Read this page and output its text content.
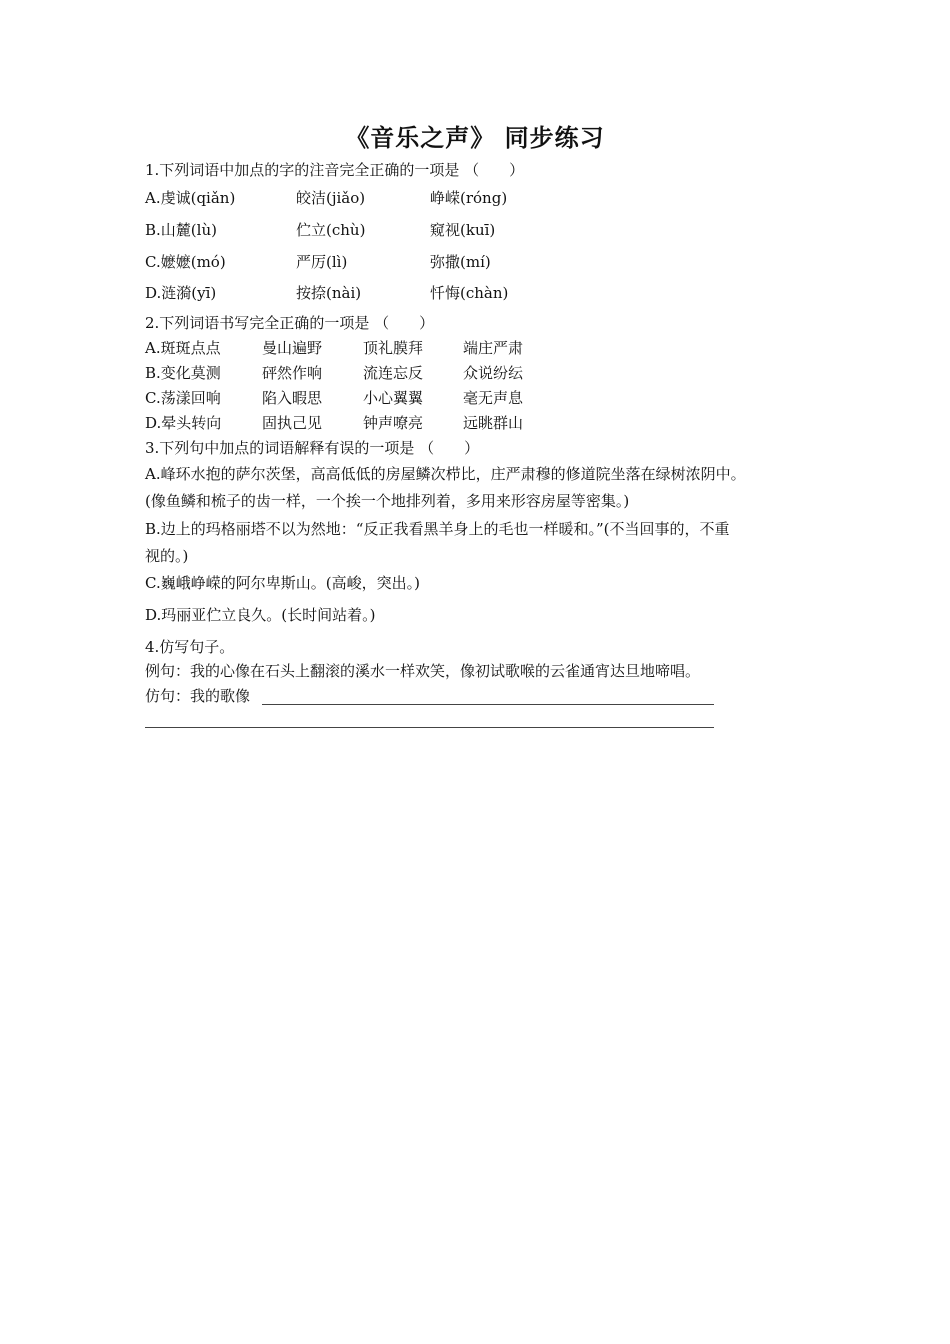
《音乐之声》 同步练习
1.下列词语中加点的字的注音完全正确的一项是 （　　）
A.虔诚(qiǎn)	皎洁(jiǎo)	峥嵘(róng)
B.山麓(lù)	伫立(chù)	窥视(kuī)
C.嬷嬷(mó)	严厉(lì)	弥撒(mí)
D.涟漪(yī)	按捺(nài)	忏悔(chàn)
2.下列词语书写完全正确的一项是 （　　）
A.斑斑点点	曼山遍野	顶礼膜拜	端庄严肃
B.变化莫测	砰然作响	流连忘反	众说纷纭
C.荡漾回响	陷入暇思	小心翼翼	毫无声息
D.晕头转向	固执己见	钟声嘹亮	远眺群山
3.下列句中加点的词语解释有误的一项是 （　　）
A.峰环水抱的萨尔茨堡，高高低低的房屋鳞次栉比，庄严肃穆的修道院坐落在绿树浓阴中。
(像鱼鳞和梳子的齿一样，一个挨一个地排列着，多用来形容房屋等密集。)
B.边上的玛格丽塔不以为然地：“反正我看黑羊身上的毛也一样暖和。”(不当回事的，不重
视的。)
C.巍峨峥嵘的阿尔卑斯山。(高峻，突出。)
D.玛丽亚伫立良久。(长时间站着。)
4.仿写句子。
例句：我的心像在石头上翻滚的溪水一样欢笑，像初试歌喉的云雀通宵达旦地啼唱。
仿句：我的歌像
